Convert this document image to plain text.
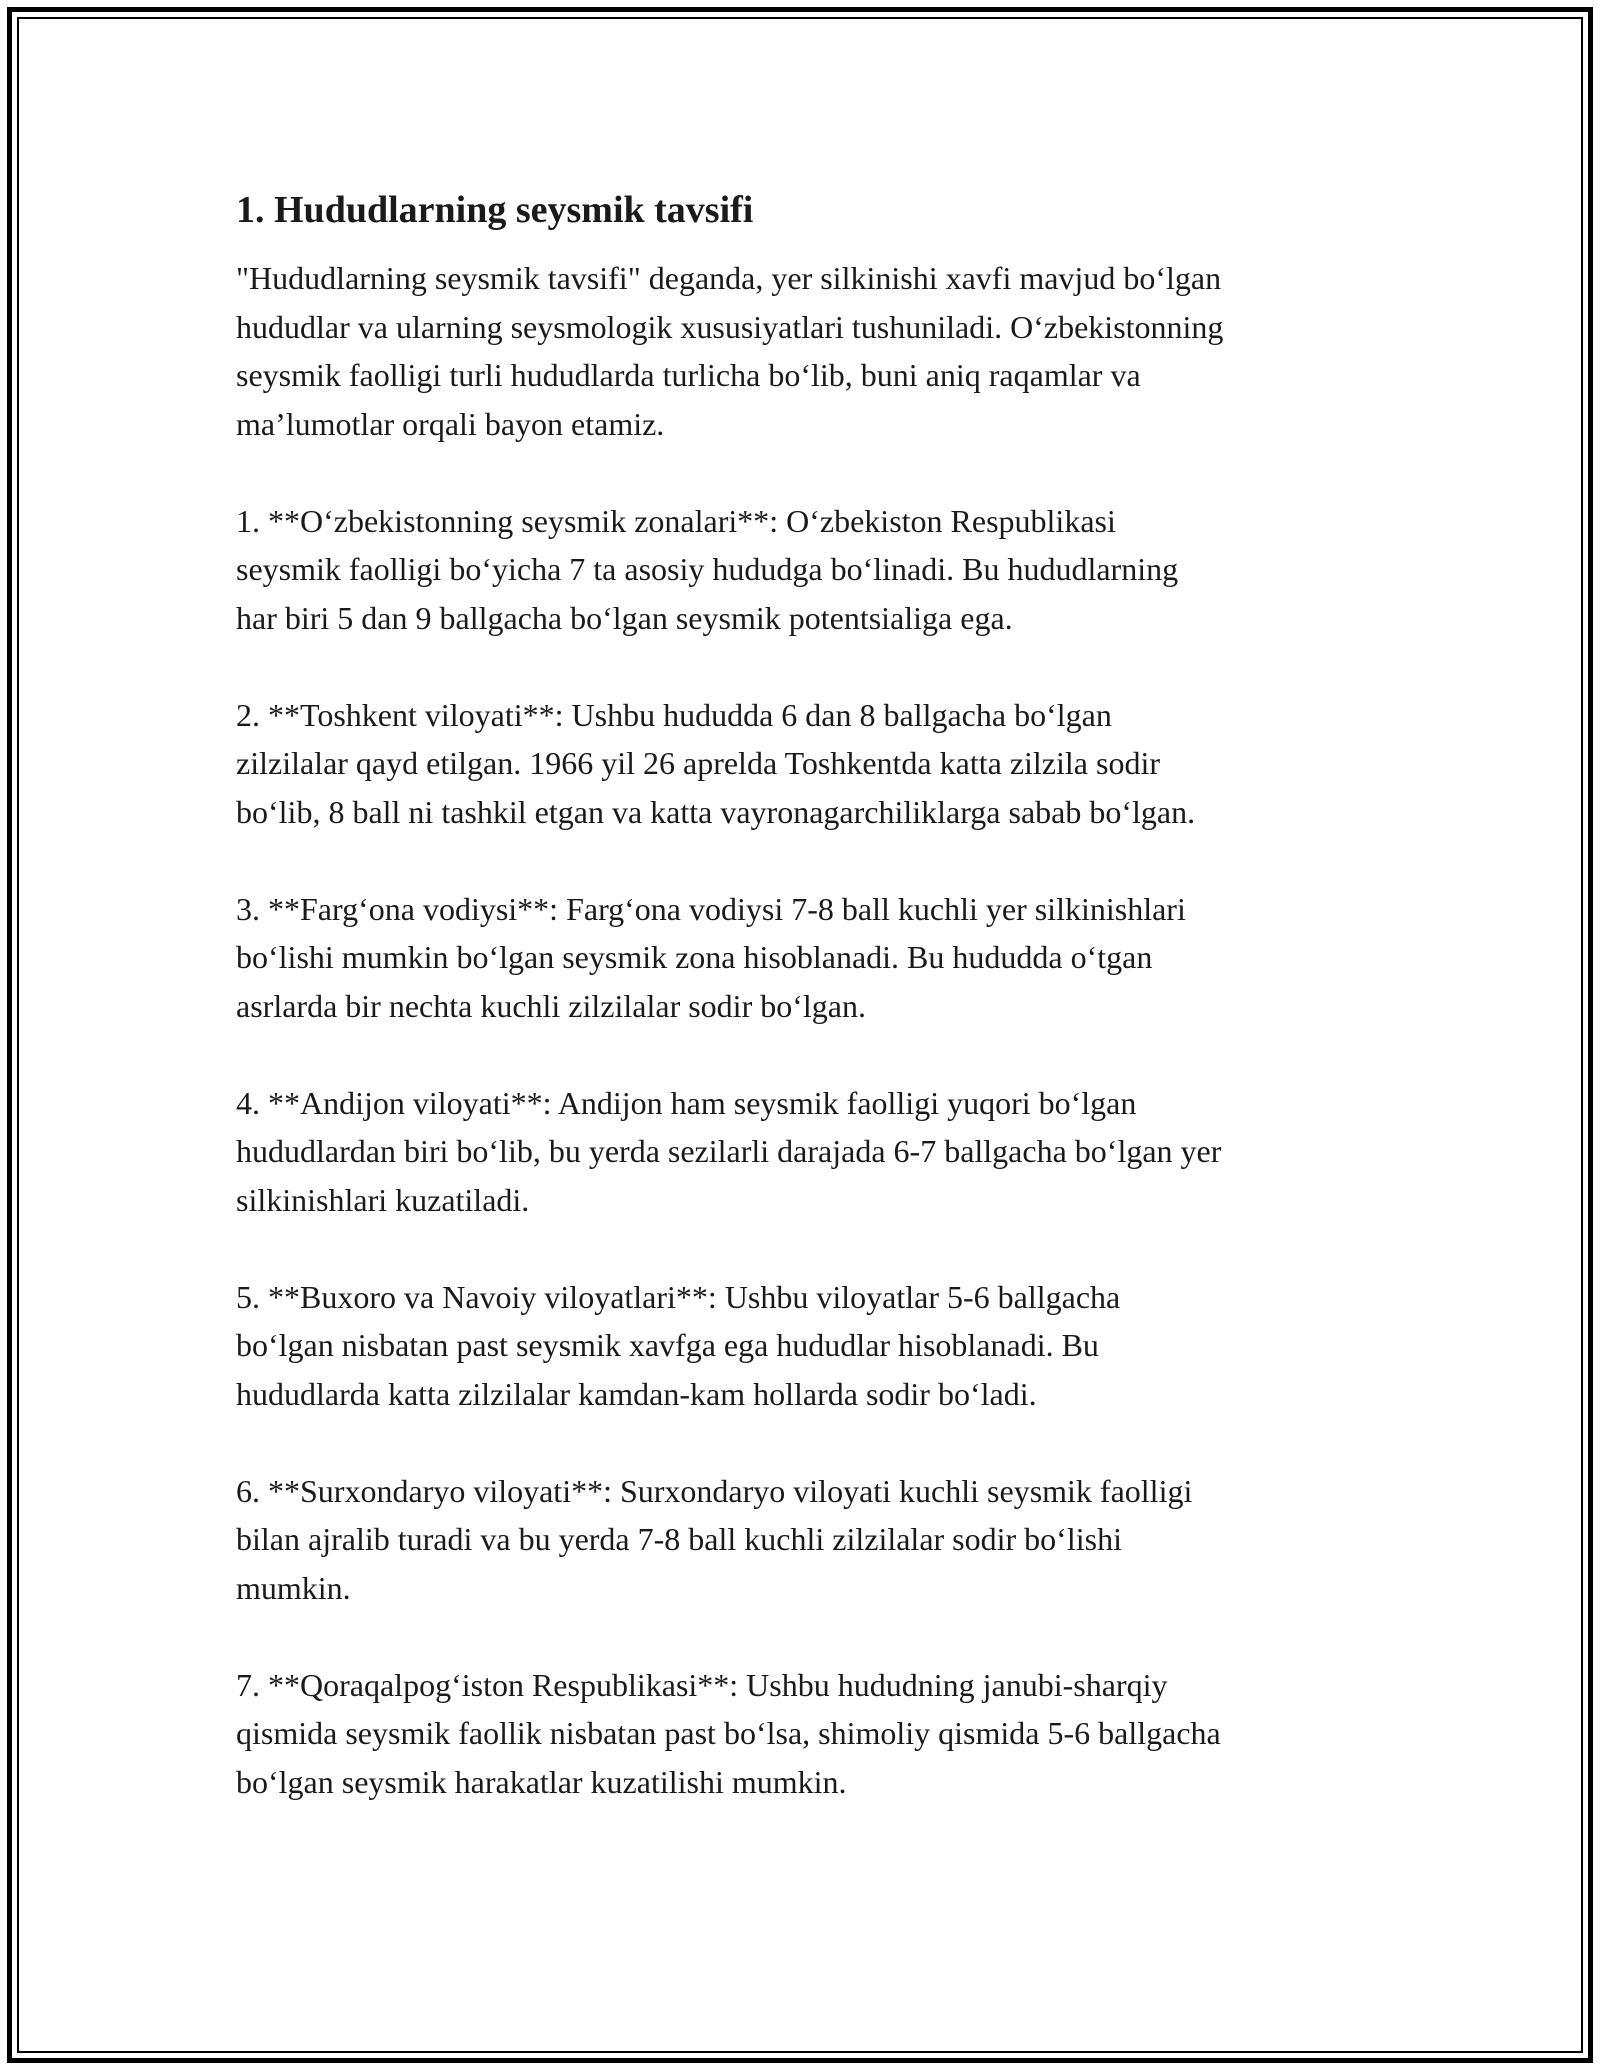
1. Hududlarning seysmik tavsifi

"Hududlarning seysmik tavsifi" deganda, yer silkinishi xavfi mavjud bo‘lgan
hududlar va ularning seysmologik xususiyatlari tushuniladi. O‘zbekistonning
seysmik faolligi turli hududlarda turlicha bo‘lib, buni aniq raqamlar va
ma’lumotlar orqali bayon etamiz.

1. **O‘zbekistonning seysmik zonalari**: O‘zbekiston Respublikasi
seysmik faolligi bo‘yicha 7 ta asosiy hududga bo‘linadi. Bu hududlarning
har biri 5 dan 9 ballgacha bo‘lgan seysmik potentsialiga ega.

2. **Toshkent viloyati**: Ushbu hududda 6 dan 8 ballgacha bo‘lgan
zilzilalar qayd etilgan. 1966 yil 26 aprelda Toshkentda katta zilzila sodir
bo‘lib, 8 ball ni tashkil etgan va katta vayronagarchiliklarga sabab bo‘lgan.

3. **Farg‘ona vodiysi**: Farg‘ona vodiysi 7-8 ball kuchli yer silkinishlari
bo‘lishi mumkin bo‘lgan seysmik zona hisoblanadi. Bu hududda o‘tgan
asrlarda bir nechta kuchli zilzilalar sodir bo‘lgan.

4. **Andijon viloyati**: Andijon ham seysmik faolligi yuqori bo‘lgan
hududlardan biri bo‘lib, bu yerda sezilarli darajada 6-7 ballgacha bo‘lgan yer
silkinishlari kuzatiladi.

5. **Buxoro va Navoiy viloyatlari**: Ushbu viloyatlar 5-6 ballgacha
bo‘lgan nisbatan past seysmik xavfga ega hududlar hisoblanadi. Bu
hududlarda katta zilzilalar kamdan-kam hollarda sodir bo‘ladi.

6. **Surxondaryo viloyati**: Surxondaryo viloyati kuchli seysmik faolligi
bilan ajralib turadi va bu yerda 7-8 ball kuchli zilzilalar sodir bo‘lishi
mumkin.

7. **Qoraqalpog‘iston Respublikasi**: Ushbu hududning janubi-sharqiy
qismida seysmik faollik nisbatan past bo‘lsa, shimoliy qismida 5-6 ballgacha
bo‘lgan seysmik harakatlar kuzatilishi mumkin.
